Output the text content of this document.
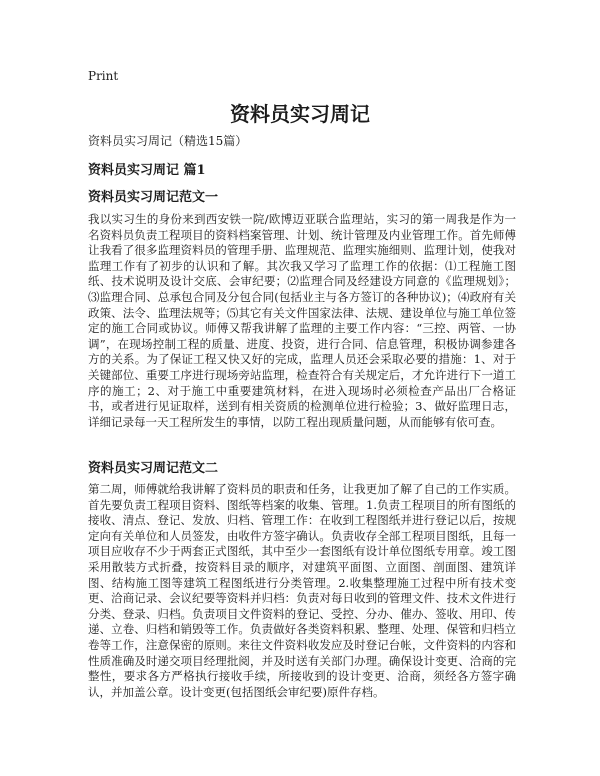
Print
资料员实习周记
资料员实习周记（精选15篇）
资料员实习周记 篇1
资料员实习周记范文一

我以实习生的身份来到西安铁一院/欧博迈亚联合监理站，实习的第一周我是作为一名资料员负责工程项目的资料档案管理、计划、统计管理及内业管理工作。首先师傅让我看了很多监理资料员的管理手册、监理规范、监理实施细则、监理计划，使我对监理工作有了初步的认识和了解。其次我又学习了监理工作的依据：⑴工程施工图纸、技术说明及设计交底、会审纪要；⑵监理合同及经建设方同意的《监理规划》；⑶监理合同、总承包合同及分包合同(包括业主与各方签订的各种协议)；⑷政府有关政策、法令、监理法规等；⑸其它有关文件国家法律、法规、建设单位与施工单位签定的施工合同或协议。师傅又帮我讲解了监理的主要工作内容：“三控、两管、一协调”，在现场控制工程的质量、进度、投资，进行合同、信息管理，积极协调参建各方的关系。为了保证工程又快又好的完成，监理人员还会采取必要的措施：1、对于关键部位、重要工序进行现场旁站监理，检查符合有关规定后，才允许进行下一道工序的施工；2、对于施工中重要建筑材料，在进入现场时必须检查产品出厂合格证书，或者进行见证取样，送到有相关资质的检测单位进行检验；3、做好监理日志，详细记录每一天工程所发生的事情，以防工程出现质量问题，从而能够有依可查。

资料员实习周记范文二

第二周，师傅就给我讲解了资料员的职责和任务，让我更加了解了自己的工作实质。首先要负责工程项目资料、图纸等档案的收集、管理。1.负责工程项目的所有图纸的接收、清点、登记、发放、归档、管理工作：在收到工程图纸并进行登记以后，按规定向有关单位和人员签发，由收件方签字确认。负责收存全部工程项目图纸，且每一项目应收存不少于两套正式图纸，其中至少一套图纸有设计单位图纸专用章。竣工图采用散装方式折叠，按资料目录的顺序，对建筑平面图、立面图、剖面图、建筑详图、结构施工图等建筑工程图纸进行分类管理。2.收集整理施工过程中所有技术变更、洽商记录、会议纪要等资料并归档：负责对每日收到的管理文件、技术文件进行分类、登录、归档。负责项目文件资料的登记、受控、分办、催办、签收、用印、传递、立卷、归档和销毁等工作。负责做好各类资料积累、整理、处理、保管和归档立卷等工作，注意保密的原则。来往文件资料收发应及时登记台帐，文件资料的内容和性质准确及时递交项目经理批阅，并及时送有关部门办理。确保设计变更、洽商的完整性，要求各方严格执行接收手续，所接收到的设计变更、洽商，须经各方签字确认，并加盖公章。设计变更(包括图纸会审纪要)原件存档。
